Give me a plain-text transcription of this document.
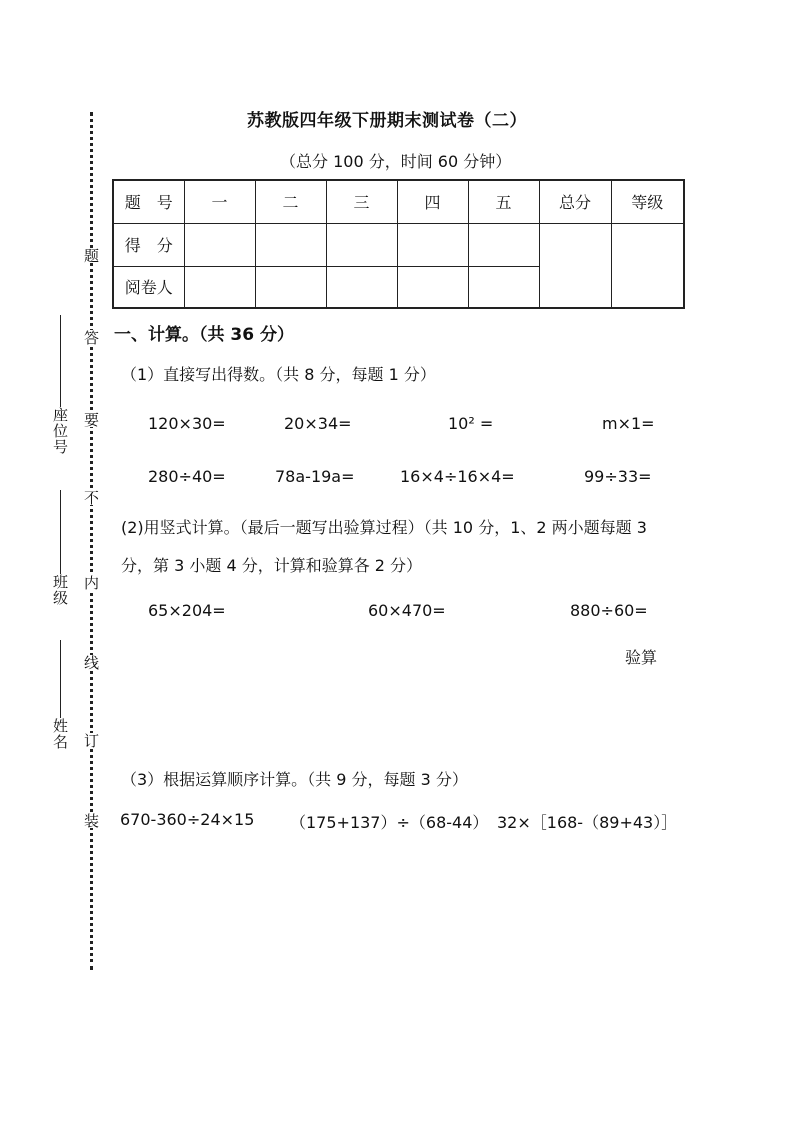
题
答
要
不
内
线
订
装
座位号
班级
姓名
苏教版四年级下册期末测试卷（二）
（总分 100 分，时间 60 分钟）
题　号	一	二	三	四	五	总分	等级
得　分							
阅卷人							
一、计算。（共 36 分）
（1）直接写出得数。（共 8 分，每题 1 分）
120×30=	20×34=	10² =	m×1=
280÷40=	78a-19a=	16×4÷16×4=	99÷33=
(2)用竖式计算。（最后一题写出验算过程）（共 10 分，1、2 两小题每题 3 分，第 3 小题 4 分，计算和验算各 2 分）
65×204=	60×470=	880÷60=
验算
（3）根据运算顺序计算。（共 9 分，每题 3 分）
670-360÷24×15 （175+137）÷（68-44） 32×［168-（89+43）］
